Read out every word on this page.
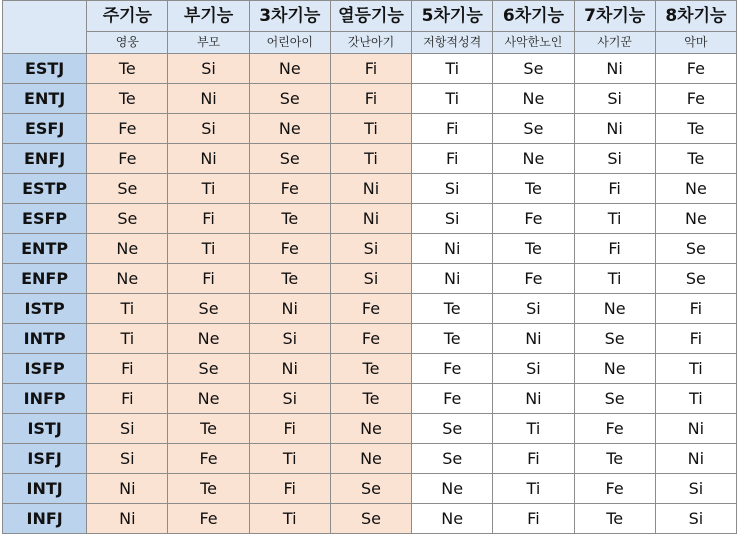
	주기능	부기능	3차기능	열등기능	5차기능	6차기능	7차기능	8차기능
	영웅	부모	어린아이	갓난아기	저항적성격	사악한노인	사기꾼	악마
ESTJ	Te	Si	Ne	Fi	Ti	Se	Ni	Fe
ENTJ	Te	Ni	Se	Fi	Ti	Ne	Si	Fe
ESFJ	Fe	Si	Ne	Ti	Fi	Se	Ni	Te
ENFJ	Fe	Ni	Se	Ti	Fi	Ne	Si	Te
ESTP	Se	Ti	Fe	Ni	Si	Te	Fi	Ne
ESFP	Se	Fi	Te	Ni	Si	Fe	Ti	Ne
ENTP	Ne	Ti	Fe	Si	Ni	Te	Fi	Se
ENFP	Ne	Fi	Te	Si	Ni	Fe	Ti	Se
ISTP	Ti	Se	Ni	Fe	Te	Si	Ne	Fi
INTP	Ti	Ne	Si	Fe	Te	Ni	Se	Fi
ISFP	Fi	Se	Ni	Te	Fe	Si	Ne	Ti
INFP	Fi	Ne	Si	Te	Fe	Ni	Se	Ti
ISTJ	Si	Te	Fi	Ne	Se	Ti	Fe	Ni
ISFJ	Si	Fe	Ti	Ne	Se	Fi	Te	Ni
INTJ	Ni	Te	Fi	Se	Ne	Ti	Fe	Si
INFJ	Ni	Fe	Ti	Se	Ne	Fi	Te	Si
